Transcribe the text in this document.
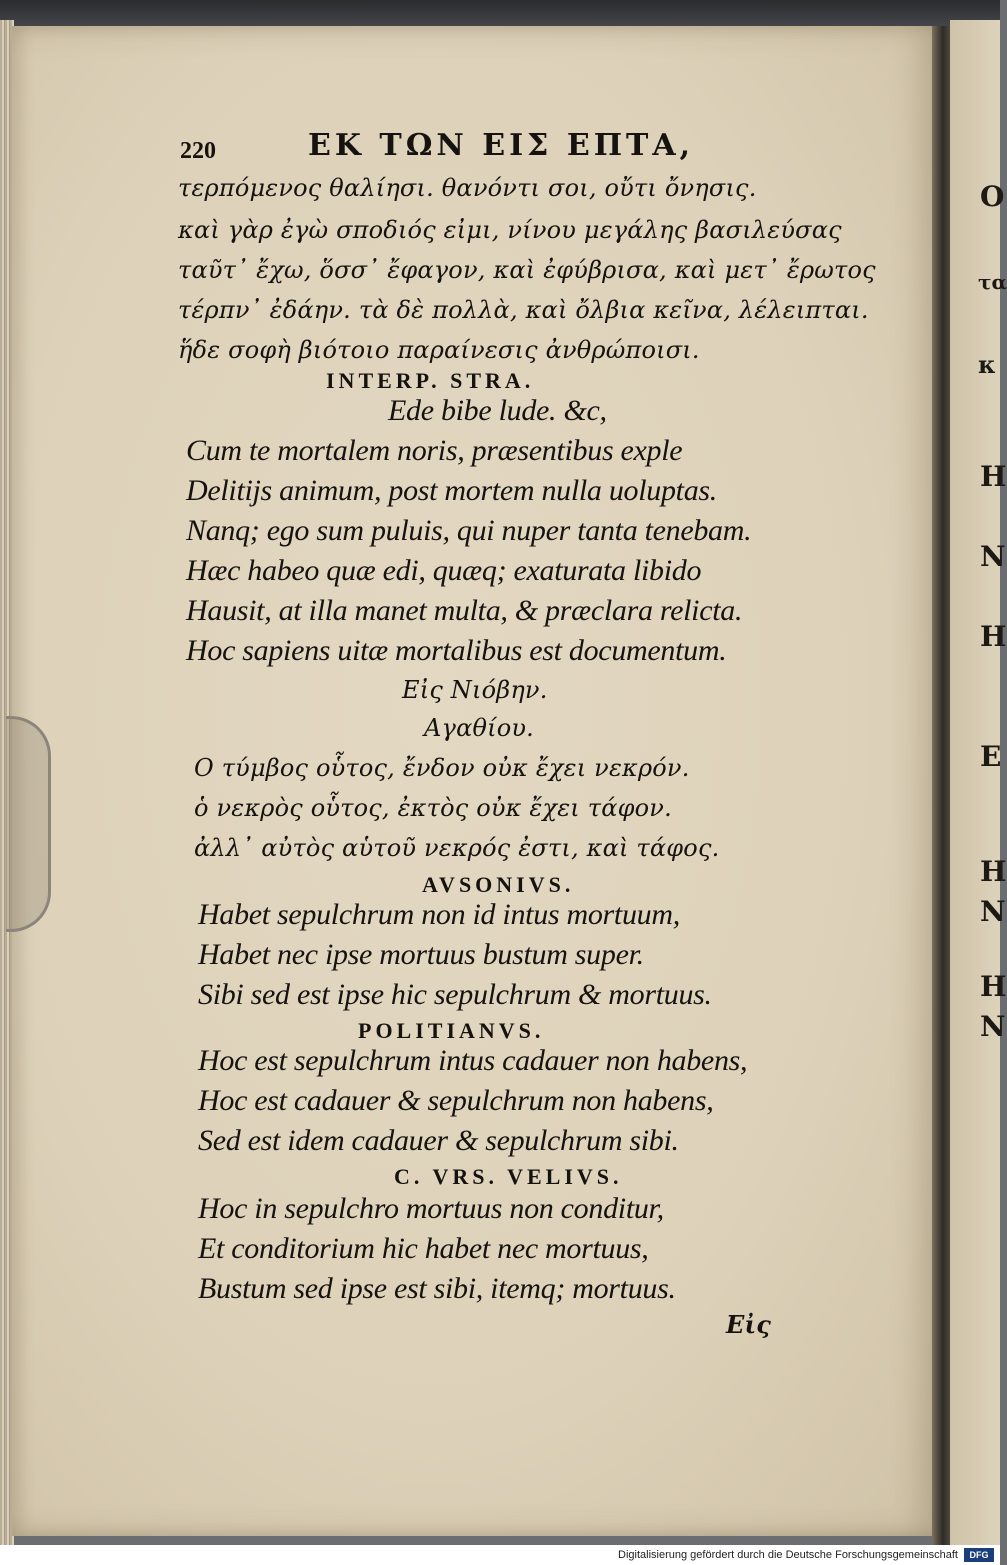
O
τα
κ
H
N
H
E
H
N
H
N
220	ΕΚ ΤΩΝ ΕΙΣ ΕΠΤΑ,
τερπόμενος θαλίησι. θανόντι σοι, οὔτι ὄνησις.
καὶ γὰρ ἐγὼ σποδιός εἰμι, νίνου μεγάλης βασιλεύσας
ταῦτ᾽ ἔχω, ὅσσ᾽ ἔφαγον, καὶ ἐφύβρισα, καὶ μετ᾽ ἔρωτος
τέρπν᾽ ἐδάην. τὰ δὲ πολλὰ, καὶ ὄλβια κεῖνα, λέλειπται.
ἥδε σοφὴ βιότοιο παραίνεσις ἀνθρώποισι.
INTERP. STRA.
Ede bibe lude. &c,
Cum te mortalem noris, præsentibus exple
Delitijs animum, post mortem nulla uoluptas.
Nanq; ego sum puluis, qui nuper tanta tenebam.
Hæc habeo quæ edi, quæq; exaturata libido
Hausit, at illa manet multa, & præclara relicta.
Hoc sapiens uitæ mortalibus est documentum.
Εἰς Νιόβην.
Αγαθίου.
Ο τύμβος οὗτος, ἔνδον οὐκ ἔχει νεκρόν.
ὁ νεκρὸς οὗτος, ἐκτὸς οὐκ ἔχει τάφον.
ἀλλ᾽ αὐτὸς αὑτοῦ νεκρός ἐστι, καὶ τάφος.
AVSONIVS.
Habet sepulchrum non id intus mortuum,
Habet nec ipse mortuus bustum super.
Sibi sed est ipse hic sepulchrum & mortuus.
POLITIANVS.
Hoc est sepulchrum intus cadauer non habens,
Hoc est cadauer & sepulchrum non habens,
Sed est idem cadauer & sepulchrum sibi.
C. VRS. VELIVS.
Hoc in sepulchro mortuus non conditur,
Et conditorium hic habet nec mortuus,
Bustum sed ipse est sibi, itemq; mortuus.
Εἰς
Digitalisierung gefördert durch die Deutsche Forschungsgemeinschaft	DFG
